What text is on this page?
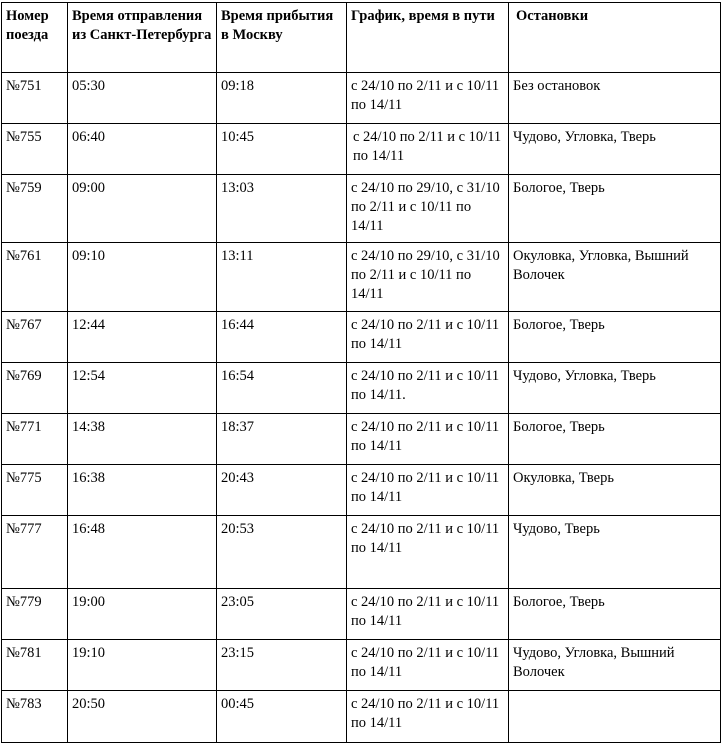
Номер поезда	Время отправления из Санкт-Петербурга	Время прибытия в Москву	График, время в пути	Остановки
№751	05:30	09:18	с 24/10 по 2/11 и с 10/11 по 14/11	Без остановок
№755	06:40	10:45	с 24/10 по 2/11 и с 10/11 по 14/11	Чудово, Угловка, Тверь
№759	09:00	13:03	с 24/10 по 29/10, с 31/10 по 2/11 и с 10/11 по 14/11	Бологое, Тверь
№761	09:10	13:11	с 24/10 по 29/10, с 31/10 по 2/11 и с 10/11 по 14/11	Окуловка, Угловка, Вышний Волочек
№767	12:44	16:44	с 24/10 по 2/11 и с 10/11 по 14/11	Бологое, Тверь
№769	12:54	16:54	с 24/10 по 2/11 и с 10/11 по 14/11.	Чудово, Угловка, Тверь
№771	14:38	18:37	с 24/10 по 2/11 и с 10/11 по 14/11	Бологое, Тверь
№775	16:38	20:43	с 24/10 по 2/11 и с 10/11 по 14/11	Окуловка, Тверь
№777	16:48	20:53	с 24/10 по 2/11 и с 10/11 по 14/11	Чудово, Тверь
№779	19:00	23:05	с 24/10 по 2/11 и с 10/11 по 14/11	Бологое, Тверь
№781	19:10	23:15	с 24/10 по 2/11 и с 10/11 по 14/11	Чудово, Угловка, Вышний Волочек
№783	20:50	00:45	с 24/10 по 2/11 и с 10/11 по 14/11	
